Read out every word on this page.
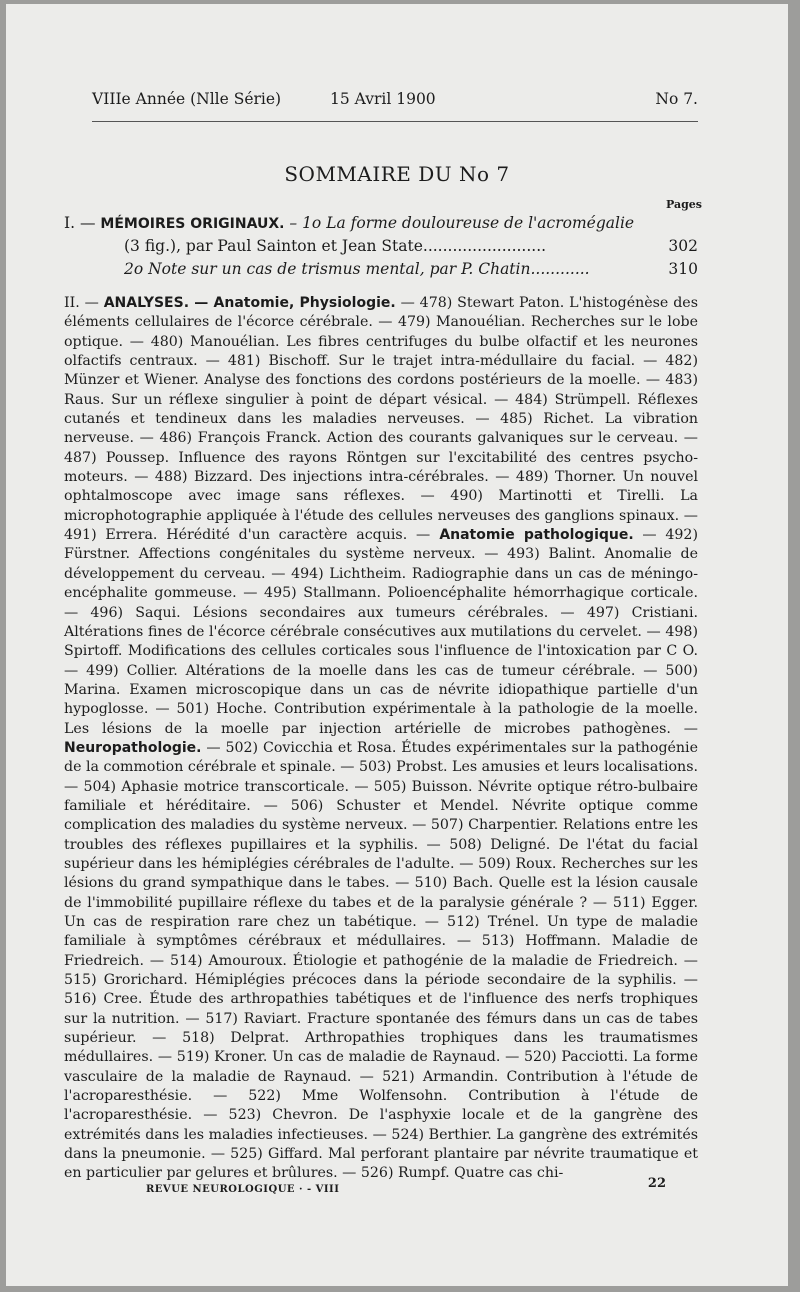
VIIIe Année (Nlle Série)	15 Avril 1900	No 7.
SOMMAIRE DU No 7
Pages
I. — MÉMOIRES ORIGINAUX. – 1o La forme douloureuse de l'acromégalie
(3 fig.), par Paul Sainton et Jean State.........................	302
2o Note sur un cas de trismus mental, par P. Chatin............	310
II. — ANALYSES. — Anatomie, Physiologie. — 478) Stewart Paton. L'histogénèse des éléments cellulaires de l'écorce cérébrale. — 479) Manouélian. Recherches sur le lobe optique. — 480) Manouélian. Les fibres centrifuges du bulbe olfactif et les neurones olfactifs centraux. — 481) Bischoff. Sur le trajet intra-médullaire du facial. — 482) Münzer et Wiener. Analyse des fonctions des cordons postérieurs de la moelle. — 483) Raus. Sur un réflexe singulier à point de départ vésical. — 484) Strümpell. Réflexes cutanés et tendineux dans les maladies nerveuses. — 485) Richet. La vibration nerveuse. — 486) François Franck. Action des courants galvaniques sur le cerveau. — 487) Poussep. Influence des rayons Röntgen sur l'excitabilité des centres psycho-moteurs. — 488) Bizzard. Des injections intra-cérébrales. — 489) Thorner. Un nouvel ophtalmoscope avec image sans réflexes. — 490) Martinotti et Tirelli. La microphotographie appliquée à l'étude des cellules nerveuses des ganglions spinaux. — 491) Errera. Hérédité d'un caractère acquis. — Anatomie pathologique. — 492) Fürstner. Affections congénitales du système nerveux. — 493) Balint. Anomalie de développement du cerveau. — 494) Lichtheim. Radiographie dans un cas de méningo-encéphalite gommeuse. — 495) Stallmann. Polioencéphalite hémorrhagique corticale. — 496) Saqui. Lésions secondaires aux tumeurs cérébrales. — 497) Cristiani. Altérations fines de l'écorce cérébrale consécutives aux mutilations du cervelet. — 498) Spirtoff. Modifications des cellules corticales sous l'influence de l'intoxication par C O. — 499) Collier. Altérations de la moelle dans les cas de tumeur cérébrale. — 500) Marina. Examen microscopique dans un cas de névrite idiopathique partielle d'un hypoglosse. — 501) Hoche. Contribution expérimentale à la pathologie de la moelle. Les lésions de la moelle par injection artérielle de microbes pathogènes. — Neuropathologie. — 502) Covicchia et Rosa. Études expérimentales sur la pathogénie de la commotion cérébrale et spinale. — 503) Probst. Les amusies et leurs localisations. — 504) Aphasie motrice transcorticale. — 505) Buisson. Névrite optique rétro-bulbaire familiale et héréditaire. — 506) Schuster et Mendel. Névrite optique comme complication des maladies du système nerveux. — 507) Charpentier. Relations entre les troubles des réflexes pupillaires et la syphilis. — 508) Deligné. De l'état du facial supérieur dans les hémiplégies cérébrales de l'adulte. — 509) Roux. Recherches sur les lésions du grand sympathique dans le tabes. — 510) Bach. Quelle est la lésion causale de l'immobilité pupillaire réflexe du tabes et de la paralysie générale ? — 511) Egger. Un cas de respiration rare chez un tabétique. — 512) Trénel. Un type de maladie familiale à symptômes cérébraux et médullaires. — 513) Hoffmann. Maladie de Friedreich. — 514) Amouroux. Étiologie et pathogénie de la maladie de Friedreich. — 515) Grorichard. Hémiplégies précoces dans la période secondaire de la syphilis. — 516) Cree. Étude des arthropathies tabétiques et de l'influence des nerfs trophiques sur la nutrition. — 517) Raviart. Fracture spontanée des fémurs dans un cas de tabes supérieur. — 518) Delprat. Arthropathies trophiques dans les traumatismes médullaires. — 519) Kroner. Un cas de maladie de Raynaud. — 520) Pacciotti. La forme vasculaire de la maladie de Raynaud. — 521) Armandin. Contribution à l'étude de l'acroparesthésie. — 522) Mme Wolfensohn. Contribution à l'étude de l'acroparesthésie. — 523) Chevron. De l'asphyxie locale et de la gangrène des extrémités dans les maladies infectieuses. — 524) Berthier. La gangrène des extrémités dans la pneumonie. — 525) Giffard. Mal perforant plantaire par névrite traumatique et en particulier par gelures et brûlures. — 526) Rumpf. Quatre cas chi-
REVUE NEUROLOGIQUE · - VIII	22
